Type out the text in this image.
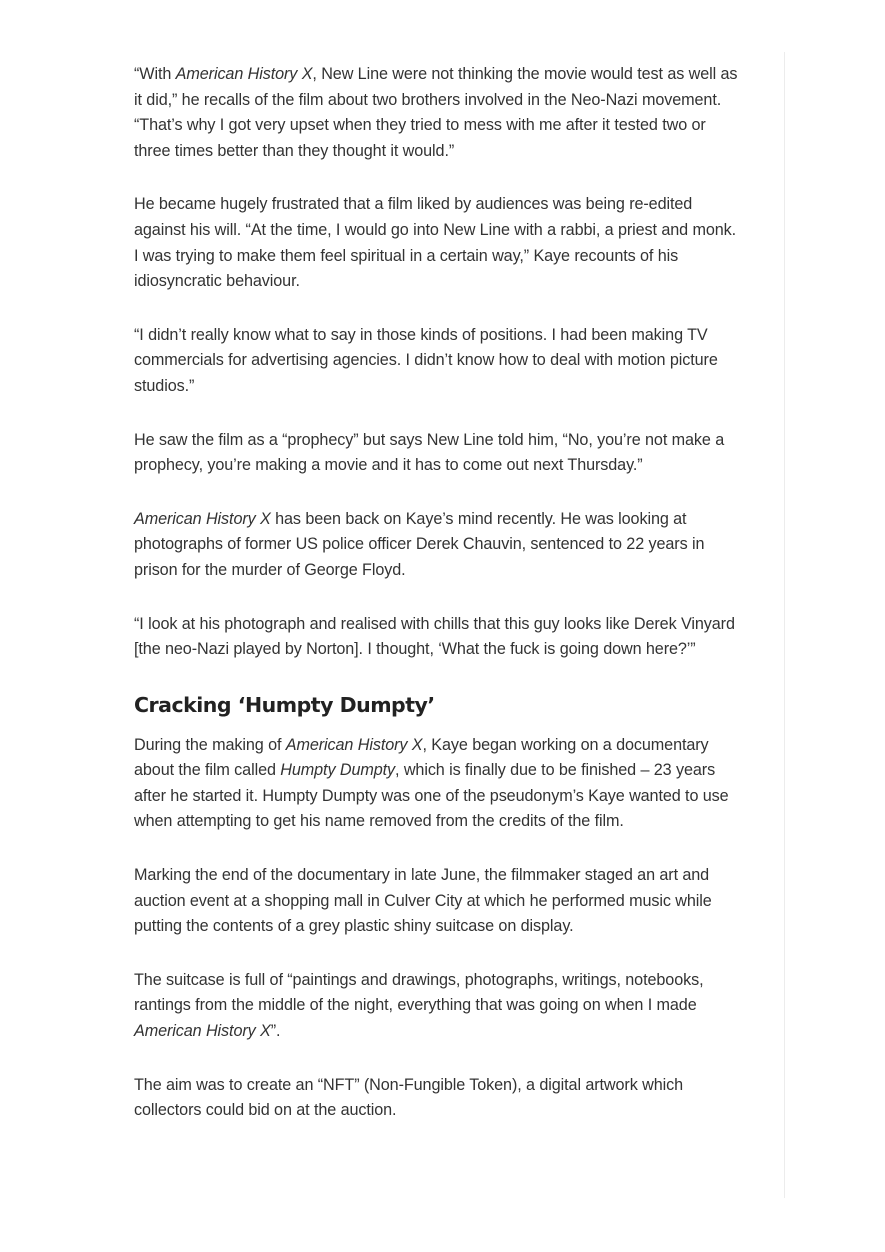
“With American History X, New Line were not thinking the movie would test as well as it did,” he recalls of the film about two brothers involved in the Neo-Nazi movement. “That’s why I got very upset when they tried to mess with me after it tested two or three times better than they thought it would.”

He became hugely frustrated that a film liked by audiences was being re-edited against his will. “At the time, I would go into New Line with a rabbi, a priest and monk. I was trying to make them feel spiritual in a certain way,” Kaye recounts of his idiosyncratic behaviour.

“I didn’t really know what to say in those kinds of positions. I had been making TV commercials for advertising agencies. I didn’t know how to deal with motion picture studios.”

He saw the film as a “prophecy” but says New Line told him, “No, you’re not make a prophecy, you’re making a movie and it has to come out next Thursday.”

American History X has been back on Kaye’s mind recently. He was looking at photographs of former US police officer Derek Chauvin, sentenced to 22 years in prison for the murder of George Floyd.

“I look at his photograph and realised with chills that this guy looks like Derek Vinyard [the neo-Nazi played by Norton]. I thought, ‘What the fuck is going down here?’”

Cracking ‘Humpty Dumpty’

During the making of American History X, Kaye began working on a documentary about the film called Humpty Dumpty, which is finally due to be finished – 23 years after he started it. Humpty Dumpty was one of the pseudonym’s Kaye wanted to use when attempting to get his name removed from the credits of the film.

Marking the end of the documentary in late June, the filmmaker staged an art and auction event at a shopping mall in Culver City at which he performed music while putting the contents of a grey plastic shiny suitcase on display.

The suitcase is full of “paintings and drawings, photographs, writings, notebooks, rantings from the middle of the night, everything that was going on when I made American History X”.

The aim was to create an “NFT” (Non-Fungible Token), a digital artwork which collectors could bid on at the auction.
